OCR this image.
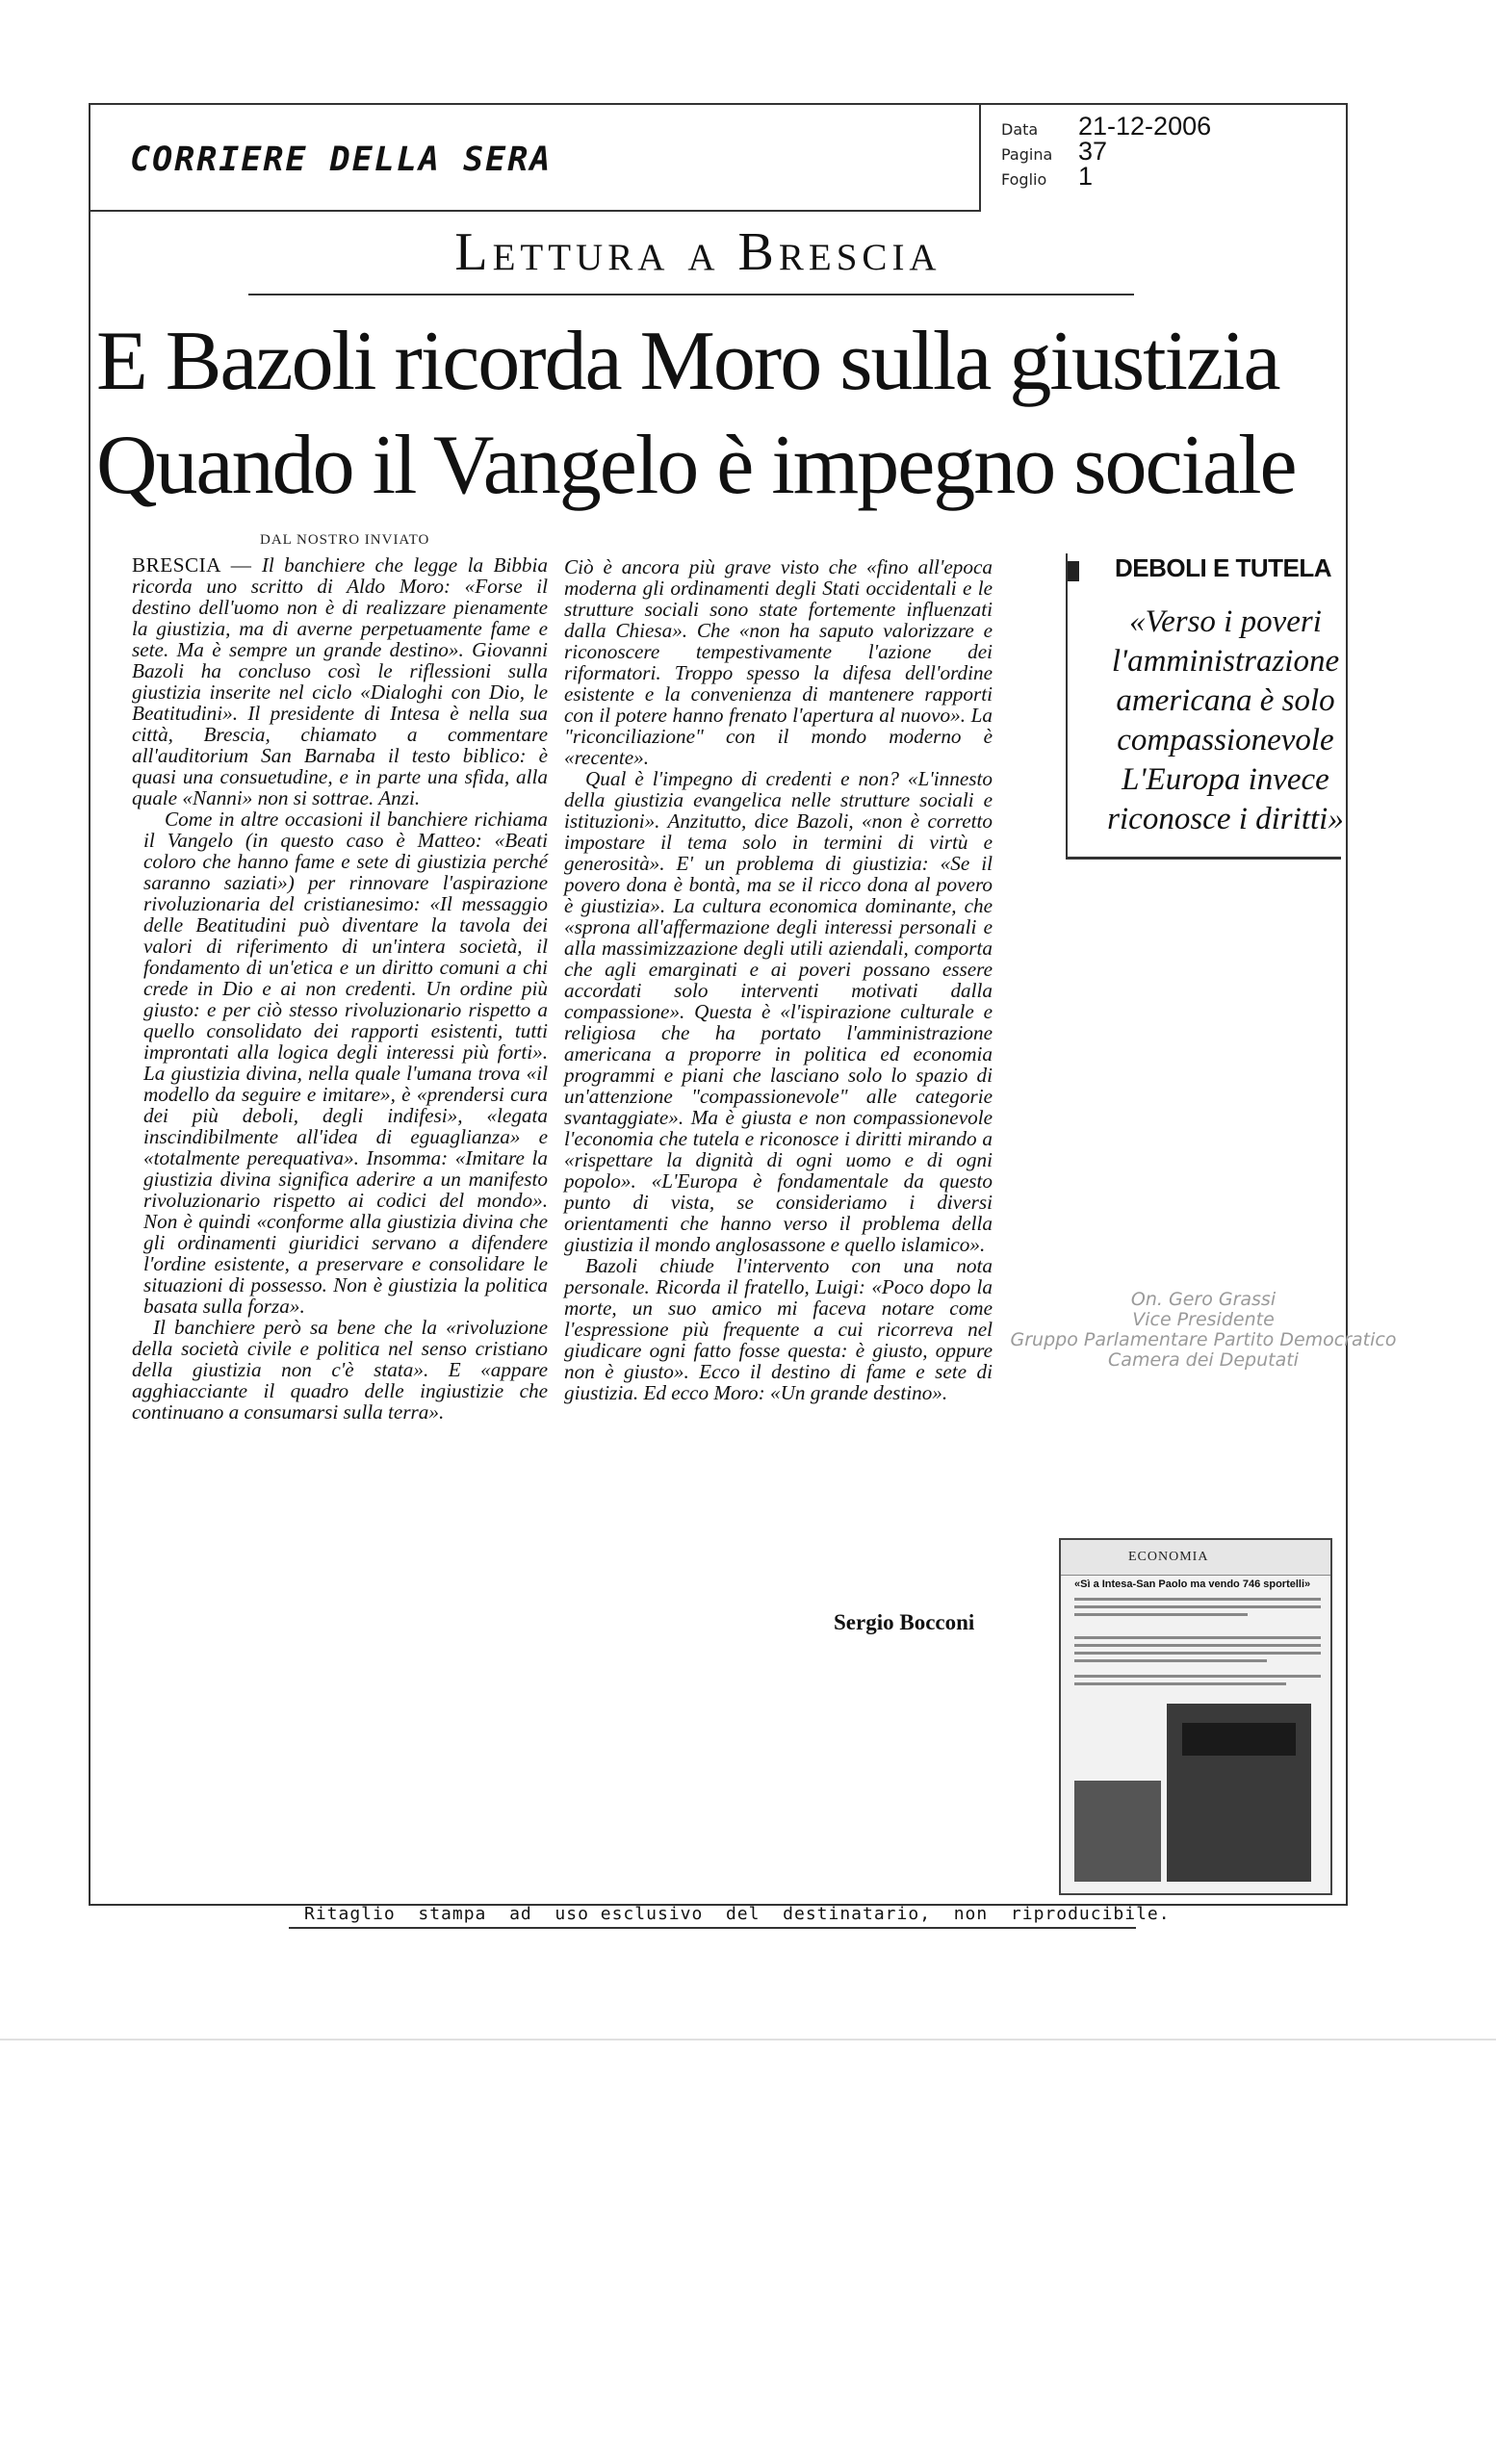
CORRIERE DELLA SERA
Data	21-12-2006
Pagina 37
Foglio	1
Lettura a Brescia
E Bazoli ricorda Moro sulla giustizia
Quando il Vangelo è impegno sociale
DAL NOSTRO INVIATO

BRESCIA — Il banchiere che legge la Bibbia ricorda uno scritto di Aldo Moro: «Forse il destino dell'uomo non è di realizzare pienamente la giustizia, ma di averne perpetuamente fame e sete. Ma è sempre un grande destino». Giovanni Bazoli ha concluso così le riflessioni sulla giustizia inserite nel ciclo «Dialoghi con Dio, le Beatitudini». Il presidente di Intesa è nella sua città, Brescia, chiamato a commentare all'auditorium San Barnaba il testo biblico: è quasi una consuetudine, e in parte una sfida, alla quale «Nanni» non si sottrae. Anzi.

Come in altre occasioni il banchiere richiama il Vangelo (in questo caso è Matteo: «Beati coloro che hanno fame e sete di giustizia perché saranno saziati») per rinnovare l'aspirazione rivoluzionaria del cristianesimo: «Il messaggio delle Beatitudini può diventare la tavola dei valori di riferimento di un'intera società, il fondamento di un'etica e un diritto comuni a chi crede in Dio e ai non credenti. Un ordine più giusto: e per ciò stesso rivoluzionario rispetto a quello consolidato dei rapporti esistenti, tutti improntati alla logica degli interessi più forti». La giustizia divina, nella quale l'umana trova «il modello da seguire e imitare», è «prendersi cura dei più deboli, degli indifesi», «legata inscindibilmente all'idea di eguaglianza» e «totalmente perequativa». Insomma: «Imitare la giustizia divina significa aderire a un manifesto rivoluzionario rispetto ai codici del mondo». Non è quindi «conforme alla giustizia divina che gli ordinamenti giuridici servano a difendere l'ordine esistente, a preservare e consolidare le situazioni di possesso. Non è giustizia la politica basata sulla forza».

Il banchiere però sa bene che la «rivoluzione della società civile e politica nel senso cristiano della giustizia non c'è stata». E «appare agghiacciante il quadro delle ingiustizie che continuano a consumarsi sulla terra».

Ciò è ancora più grave visto che «fino all'epoca moderna gli ordinamenti degli Stati occidentali e le strutture sociali sono state fortemente influenzati dalla Chiesa». Che «non ha saputo valorizzare e riconoscere tempestivamente l'azione dei riformatori. Troppo spesso la difesa dell'ordine esistente e la convenienza di mantenere rapporti con il potere hanno frenato l'apertura al nuovo». La "riconciliazione" con il mondo moderno è «recente».

Qual è l'impegno di credenti e non? «L'innesto della giustizia evangelica nelle strutture sociali e istituzioni». Anzitutto, dice Bazoli, «non è corretto impostare il tema solo in termini di virtù e generosità». E' un problema di giustizia: «Se il povero dona è bontà, ma se il ricco dona al povero è giustizia». La cultura economica dominante, che «sprona all'affermazione degli interessi personali e alla massimizzazione degli utili aziendali, comporta che agli emarginati e ai poveri possano essere accordati solo interventi motivati dalla compassione». Questa è «l'ispirazione culturale e religiosa che ha portato l'amministrazione americana a proporre in politica ed economia programmi e piani che lasciano solo lo spazio di un'attenzione "compassionevole" alle categorie svantaggiate». Ma è giusta e non compassionevole l'economia che tutela e riconosce i diritti mirando a «rispettare la dignità di ogni uomo e di ogni popolo». «L'Europa è fondamentale da questo punto di vista, se consideriamo i diversi orientamenti che hanno verso il problema della giustizia il mondo anglosassone e quello islamico».

Bazoli chiude l'intervento con una nota personale. Ricorda il fratello, Luigi: «Poco dopo la morte, un suo amico mi faceva notare come l'espressione più frequente a cui ricorreva nel giudicare ogni fatto fosse questa: è giusto, oppure non è giusto». Ecco il destino di fame e sete di giustizia. Ed ecco Moro: «Un grande destino».

Sergio Bocconi
DEBOLI E TUTELA
«Verso i poveri
l'amministrazione
americana è solo
compassionevole
L'Europa invece
riconosce i diritti»
On. Gero Grassi
Vice Presidente
Gruppo Parlamentare Partito Democratico
Camera dei Deputati
ECONOMIA
«Sì a Intesa-San Paolo ma vendo 746 sportelli»
Ritaglio  stampa  ad  uso esclusivo  del  destinatario,  non  riproducibile.
